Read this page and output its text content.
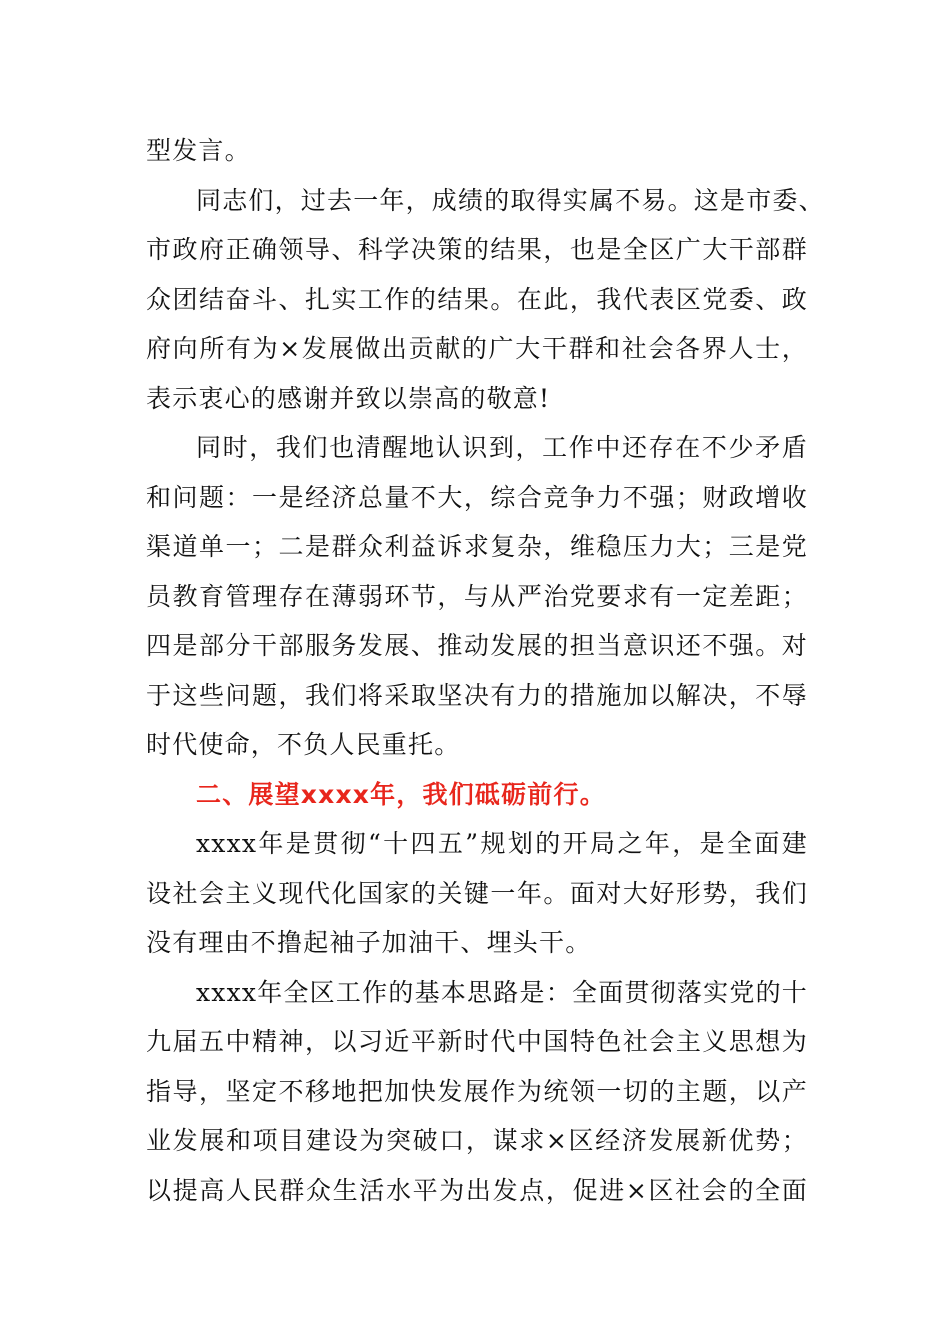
型发言。
同志们，过去一年，成绩的取得实属不易。这是市委、
市政府正确领导、科学决策的结果，也是全区广大干部群
众团结奋斗、扎实工作的结果。在此，我代表区党委、政
府向所有为×发展做出贡献的广大干群和社会各界人士，
表示衷心的感谢并致以崇高的敬意!
同时，我们也清醒地认识到，工作中还存在不少矛盾
和问题：一是经济总量不大，综合竞争力不强；财政增收
渠道单一；二是群众利益诉求复杂，维稳压力大；三是党
员教育管理存在薄弱环节，与从严治党要求有一定差距；
四是部分干部服务发展、推动发展的担当意识还不强。对
于这些问题，我们将采取坚决有力的措施加以解决，不辱
时代使命，不负人民重托。
二、展望xxxx年，我们砥砺前行。
xxxx年是贯彻“十四五”规划的开局之年，是全面建
设社会主义现代化国家的关键一年。面对大好形势，我们
没有理由不撸起袖子加油干、埋头干。
xxxx年全区工作的基本思路是：全面贯彻落实党的十
九届五中精神，以习近平新时代中国特色社会主义思想为
指导，坚定不移地把加快发展作为统领一切的主题，以产
业发展和项目建设为突破口，谋求×区经济发展新优势；
以提高人民群众生活水平为出发点，促进×区社会的全面
